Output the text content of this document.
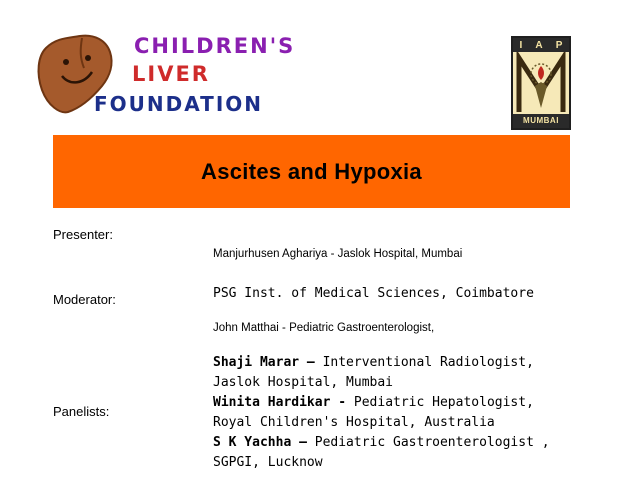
CHILDREN'S
LIVER
FOUNDATION
I A P
MUMBAI
Ascites and Hypoxia
Presenter:
Moderator:
Panelists:
Manjurhusen Aghariya - Jaslok Hospital, Mumbai
PSG Inst. of Medical Sciences, Coimbatore
John Matthai - Pediatric Gastroenterologist,
Shaji Marar – Interventional Radiologist,
Jaslok Hospital, Mumbai
Winita Hardikar - Pediatric Hepatologist,
Royal Children's Hospital, Australia
S K Yachha – Pediatric Gastroenterologist ,
SGPGI, Lucknow
